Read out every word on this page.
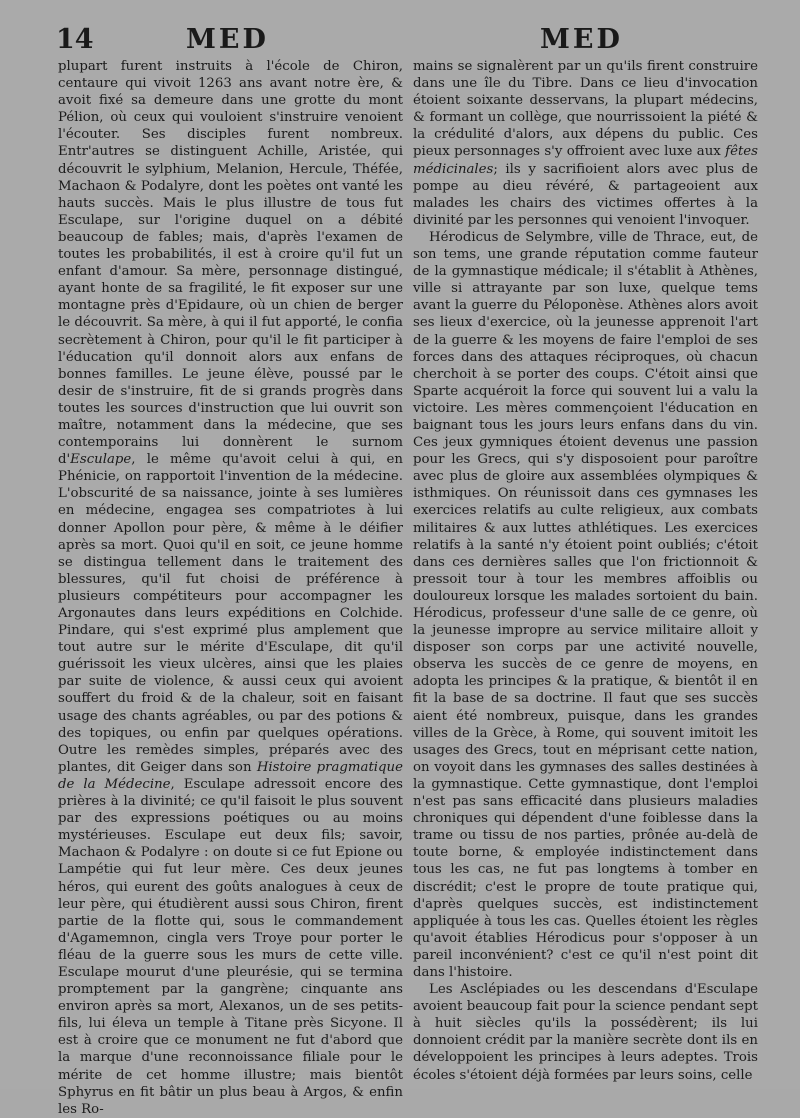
14	MED	MED

plupart furent instruits à l'école de Chiron, centaure qui vivoit 1263 ans avant notre ère, & avoit fixé sa demeure dans une grotte du mont Pélion, où ceux qui vouloient s'instruire venoient l'écouter. Ses disciples furent nombreux. Entr'autres se distinguent Achille, Aristée, qui découvrit le sylphium, Melanion, Hercule, Théfée, Machaon & Podalyre, dont les poètes ont vanté les hauts succès. Mais le plus illustre de tous fut Esculape, sur l'origine duquel on a débité beaucoup de fables; mais, d'après l'examen de toutes les probabilités, il est à croire qu'il fut un enfant d'amour. Sa mère, personnage distingué, ayant honte de sa fragilité, le fit exposer sur une montagne près d'Epidaure, où un chien de berger le découvrit. Sa mère, à qui il fut apporté, le confia secrètement à Chiron, pour qu'il le fit participer à l'éducation qu'il donnoit alors aux enfans de bonnes familles. Le jeune élève, poussé par le desir de s'instruire, fit de si grands progrès dans toutes les sources d'instruction que lui ouvrit son maître, notamment dans la médecine, que ses contemporains lui donnèrent le surnom d'Esculape, le même qu'avoit celui à qui, en Phénicie, on rapportoit l'invention de la médecine. L'obscurité de sa naissance, jointe à ses lumières en médecine, engagea ses compatriotes à lui donner Apollon pour père, & même à le déifier après sa mort. Quoi qu'il en soit, ce jeune homme se distingua tellement dans le traitement des blessures, qu'il fut choisi de préférence à plusieurs compétiteurs pour accompagner les Argonautes dans leurs expéditions en Colchide. Pindare, qui s'est exprimé plus amplement que tout autre sur le mérite d'Esculape, dit qu'il guérissoit les vieux ulcères, ainsi que les plaies par suite de violence, & aussi ceux qui avoient souffert du froid & de la chaleur, soit en faisant usage des chants agréables, ou par des potions & des topiques, ou enfin par quelques opérations. Outre les remèdes simples, préparés avec des plantes, dit Geiger dans son Histoire pragmatique de la Médecine, Esculape adressoit encore des prières à la divinité; ce qu'il faisoit le plus souvent par des expressions poétiques ou au moins mystérieuses. Esculape eut deux fils; savoir, Machaon & Podalyre : on doute si ce fut Epione ou Lampétie qui fut leur mère. Ces deux jeunes héros, qui eurent des goûts analogues à ceux de leur père, qui étudièrent aussi sous Chiron, firent partie de la flotte qui, sous le commandement d'Agamemnon, cingla vers Troye pour porter le fléau de la guerre sous les murs de cette ville. Esculape mourut d'une pleurésie, qui se termina promptement par la gangrène; cinquante ans environ après sa mort, Alexanos, un de ses petits-fils, lui éleva un temple à Titane près Sicyone. Il est à croire que ce monument ne fut d'abord que la marque d'une reconnoissance filiale pour le mérite de cet homme illustre; mais bientôt Sphyrus en fit bâtir un plus beau à Argos, & enfin les Ro-

mains se signalèrent par un qu'ils firent construire dans une île du Tibre. Dans ce lieu d'invocation étoient soixante desservans, la plupart médecins, & formant un collège, que nourrissoient la piété & la crédulité d'alors, aux dépens du public. Ces pieux personnages s'y offroient avec luxe aux fêtes médicinales; ils y sacrifioient alors avec plus de pompe au dieu révéré, & partageoient aux malades les chairs des victimes offertes à la divinité par les personnes qui venoient l'invoquer.

Hérodicus de Selymbre, ville de Thrace, eut, de son tems, une grande réputation comme fauteur de la gymnastique médicale; il s'établit à Athènes, ville si attrayante par son luxe, quelque tems avant la guerre du Péloponèse. Athènes alors avoit ses lieux d'exercice, où la jeunesse apprenoit l'art de la guerre & les moyens de faire l'emploi de ses forces dans des attaques réciproques, où chacun cherchoit à se porter des coups. C'étoit ainsi que Sparte acquéroit la force qui souvent lui a valu la victoire. Les mères commençoient l'éducation en baignant tous les jours leurs enfans dans du vin. Ces jeux gymniques étoient devenus une passion pour les Grecs, qui s'y disposoient pour paroître avec plus de gloire aux assemblées olympiques & isthmiques. On réunissoit dans ces gymnases les exercices relatifs au culte religieux, aux combats militaires & aux luttes athlétiques. Les exercices relatifs à la santé n'y étoient point oubliés; c'étoit dans ces dernières salles que l'on frictionnoit & pressoit tour à tour les membres affoiblis ou douloureux lorsque les malades sortoient du bain. Hérodicus, professeur d'une salle de ce genre, où la jeunesse impropre au service militaire alloit y disposer son corps par une activité nouvelle, observa les succès de ce genre de moyens, en adopta les principes & la pratique, & bientôt il en fit la base de sa doctrine. Il faut que ses succès aient été nombreux, puisque, dans les grandes villes de la Grèce, à Rome, qui souvent imitoit les usages des Grecs, tout en méprisant cette nation, on voyoit dans les gymnases des salles destinées à la gymnastique. Cette gymnastique, dont l'emploi n'est pas sans efficacité dans plusieurs maladies chroniques qui dépendent d'une foiblesse dans la trame ou tissu de nos parties, prônée au-delà de toute borne, & employée indistinctement dans tous les cas, ne fut pas longtems à tomber en discrédit; c'est le propre de toute pratique qui, d'après quelques succès, est indistinctement appliquée à tous les cas. Quelles étoient les règles qu'avoit établies Hérodicus pour s'opposer à un pareil inconvénient? c'est ce qu'il n'est point dit dans l'histoire.

Les Asclépiades ou les descendans d'Esculape avoient beaucoup fait pour la science pendant sept à huit siècles qu'ils la possédèrent; ils lui donnoient crédit par la manière secrète dont ils en développoient les principes à leurs adeptes. Trois écoles s'étoient déjà formées par leurs soins, celle
